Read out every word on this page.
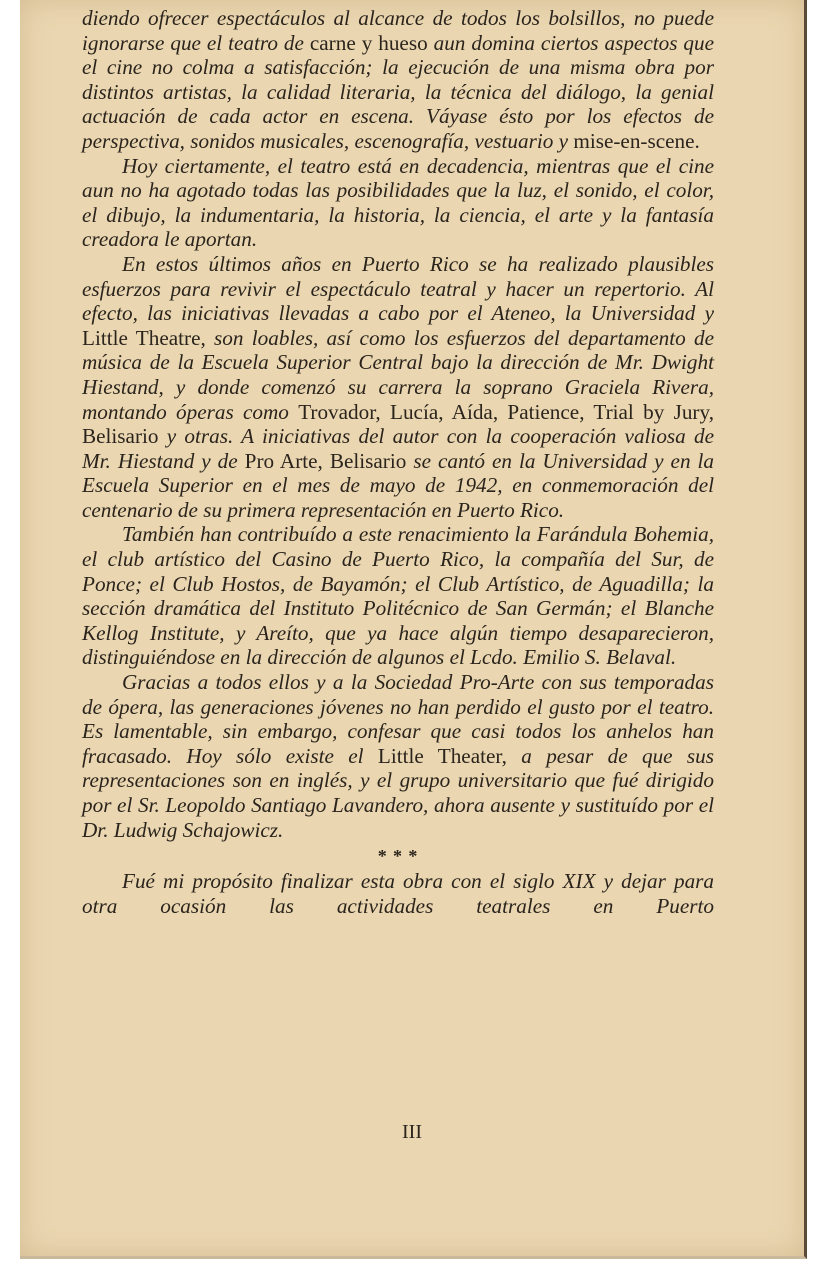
diendo ofrecer espectáculos al alcance de todos los bolsillos, no puede ignorarse que el teatro de carne y hueso aun domina ciertos aspectos que el cine no colma a satisfacción; la ejecución de una misma obra por distintos artistas, la calidad literaria, la técnica del diálogo, la genial actuación de cada actor en escena. Váyase ésto por los efectos de perspectiva, sonidos musicales, escenografía, vestuario y mise-en-scene.

Hoy ciertamente, el teatro está en decadencia, mientras que el cine aun no ha agotado todas las posibilidades que la luz, el sonido, el color, el dibujo, la indumentaria, la historia, la ciencia, el arte y la fantasía creadora le aportan.

En estos últimos años en Puerto Rico se ha realizado plausibles esfuerzos para revivir el espectáculo teatral y hacer un repertorio. Al efecto, las iniciativas llevadas a cabo por el Ateneo, la Universidad y Little Theatre, son loables, así como los esfuerzos del departamento de música de la Escuela Superior Central bajo la dirección de Mr. Dwight Hiestand, y donde comenzó su carrera la soprano Graciela Rivera, montando óperas como Trovador, Lucía, Aída, Patience, Trial by Jury, Belisario y otras. A iniciativas del autor con la cooperación valiosa de Mr. Hiestand y de Pro Arte, Belisario se cantó en la Universidad y en la Escuela Superior en el mes de mayo de 1942, en conmemoración del centenario de su primera representación en Puerto Rico.

También han contribuído a este renacimiento la Farándula Bohemia, el club artístico del Casino de Puerto Rico, la compañía del Sur, de Ponce; el Club Hostos, de Bayamón; el Club Artístico, de Aguadilla; la sección dramática del Instituto Politécnico de San Germán; el Blanche Kellog Institute, y Areíto, que ya hace algún tiempo desaparecieron, distinguiéndose en la dirección de algunos el Lcdo. Emilio S. Belaval.

Gracias a todos ellos y a la Sociedad Pro-Arte con sus temporadas de ópera, las generaciones jóvenes no han perdido el gusto por el teatro. Es lamentable, sin embargo, confesar que casi todos los anhelos han fracasado. Hoy sólo existe el Little Theater, a pesar de que sus representaciones son en inglés, y el grupo universitario que fué dirigido por el Sr. Leopoldo Santiago Lavandero, ahora ausente y sustituído por el Dr. Ludwig Schajowicz.

* * *

Fué mi propósito finalizar esta obra con el siglo XIX y dejar para otra ocasión las actividades teatrales en Puerto

III
